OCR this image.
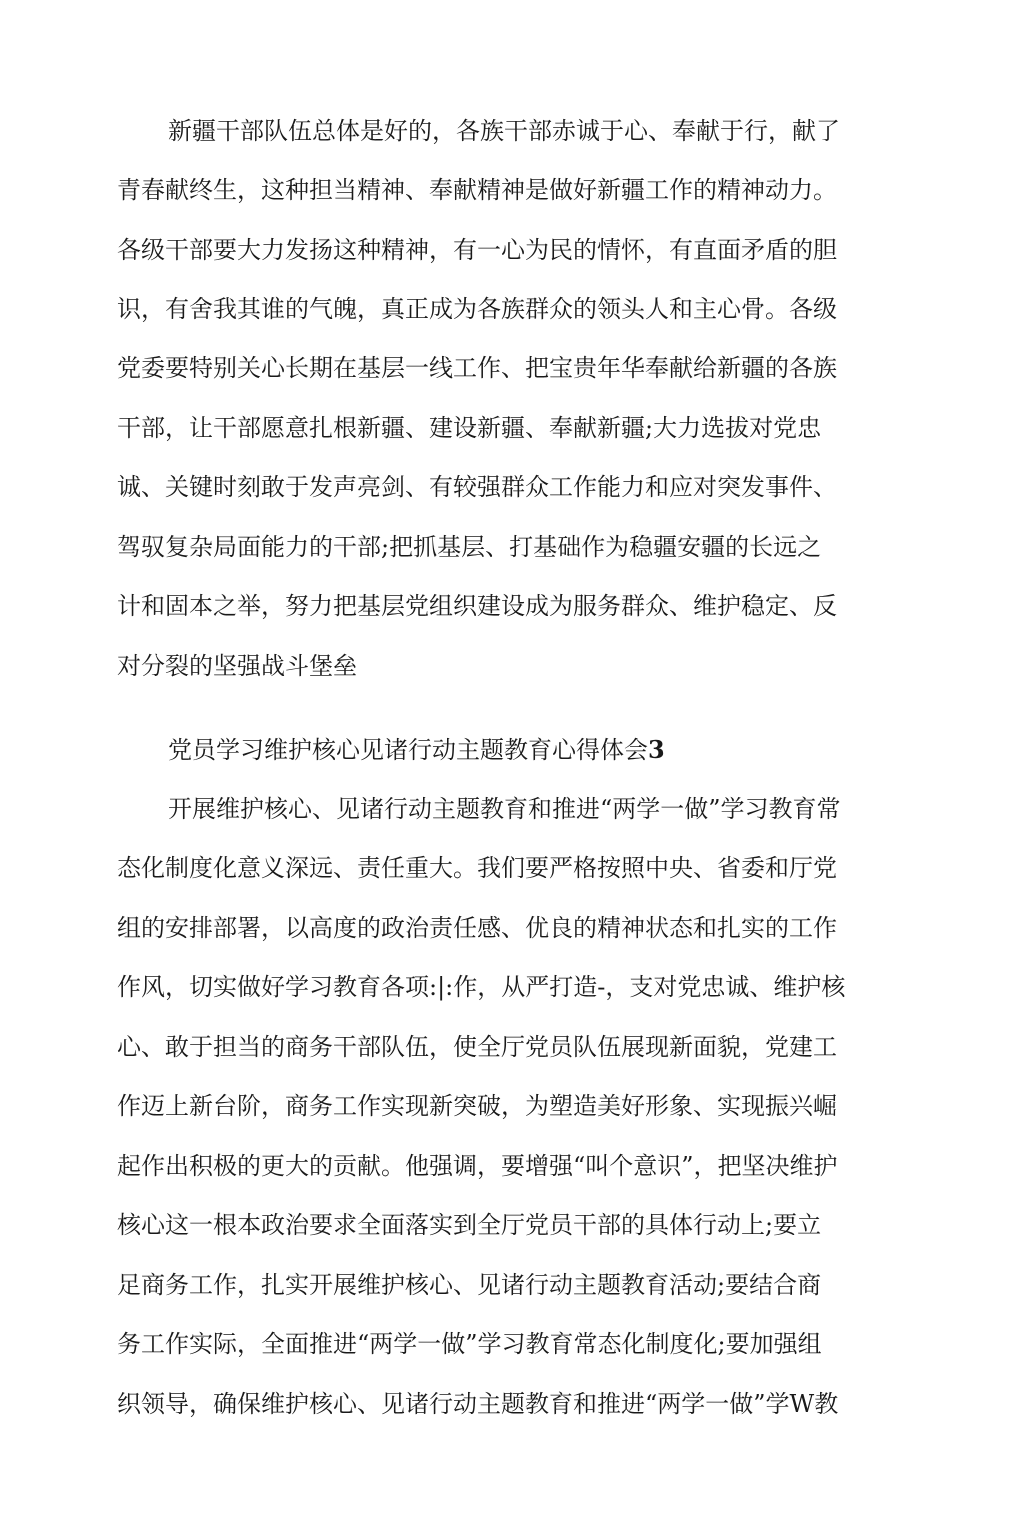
新疆干部队伍总体是好的，各族干部赤诚于心、奉献于行，献了
青春献终生，这种担当精神、奉献精神是做好新疆工作的精神动力。
各级干部要大力发扬这种精神，有一心为民的情怀，有直面矛盾的胆
识，有舍我其谁的气魄，真正成为各族群众的领头人和主心骨。各级
党委要特别关心长期在基层一线工作、把宝贵年华奉献给新疆的各族
干部，让干部愿意扎根新疆、建设新疆、奉献新疆;大力选拔对党忠
诚、关键时刻敢于发声亮剑、有较强群众工作能力和应对突发事件、
驾驭复杂局面能力的干部;把抓基层、打基础作为稳疆安疆的长远之
计和固本之举，努力把基层党组织建设成为服务群众、维护稳定、反
对分裂的坚强战斗堡垒
党员学习维护核心见诸行动主题教育心得体会3
开展维护核心、见诸行动主题教育和推进“两学一做”学习教育常
态化制度化意义深远、责任重大。我们要严格按照中央、省委和厅党
组的安排部署，以高度的政治责任感、优良的精神状态和扎实的工作
作风，切实做好学习教育各项:|:作，从严打造-，支对党忠诚、维护核
心、敢于担当的商务干部队伍，使全厅党员队伍展现新面貌，党建工
作迈上新台阶，商务工作实现新突破，为塑造美好形象、实现振兴崛
起作出积极的更大的贡献。他强调，要增强“叫个意识”，把坚决维护
核心这一根本政治要求全面落实到全厅党员干部的具体行动上;要立
足商务工作，扎实开展维护核心、见诸行动主题教育活动;要结合商
务工作实际，全面推进“两学一做”学习教育常态化制度化;要加强组
织领导，确保维护核心、见诸行动主题教育和推进“两学一做”学W教
